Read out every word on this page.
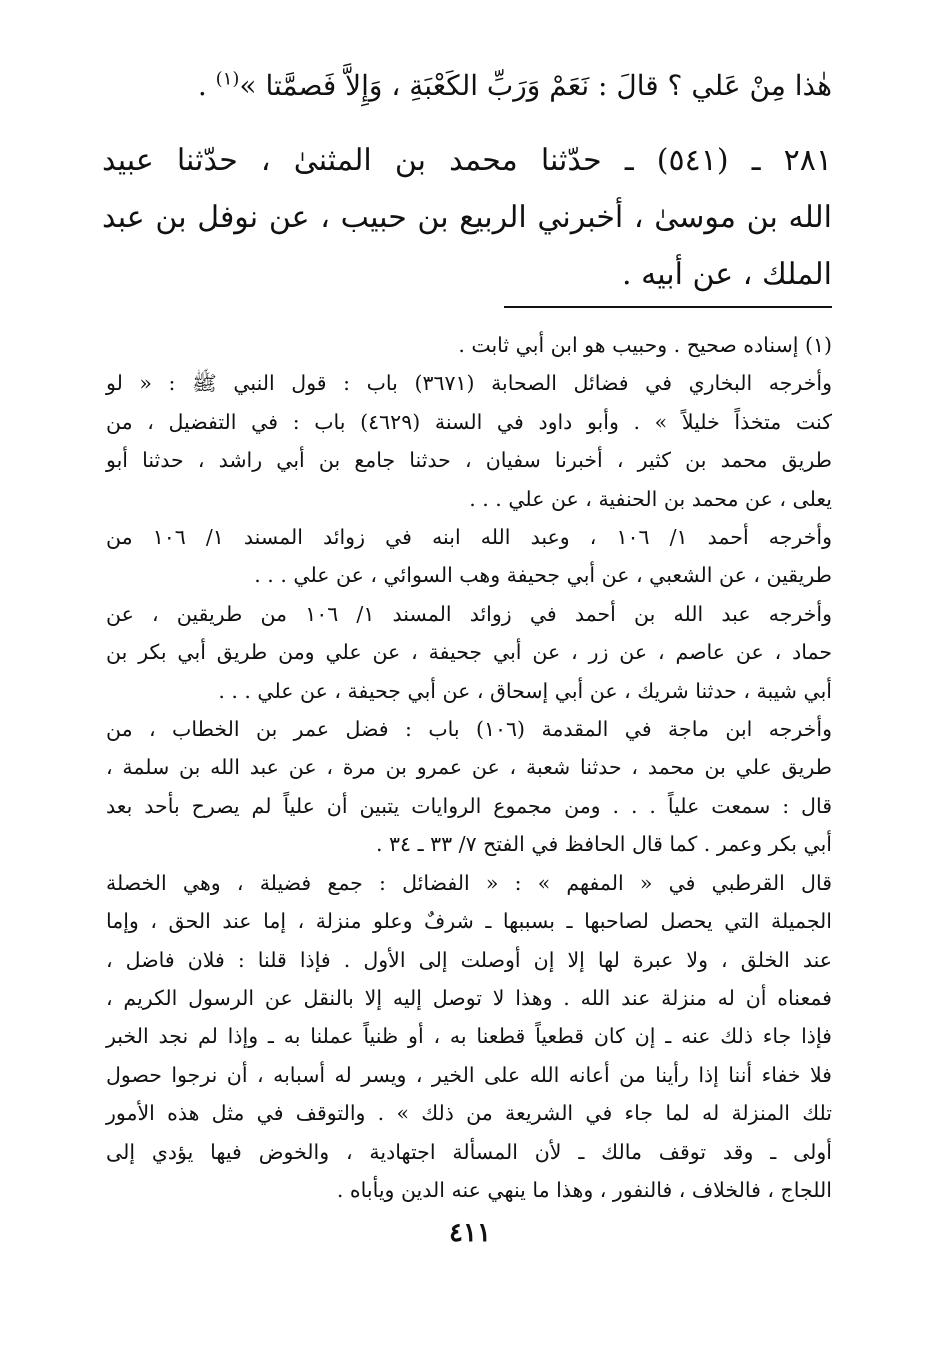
هٰذا مِنْ عَلي ؟ قالَ : نَعَمْ وَرَبِّ الكَعْبَةِ ، وَإِلاَّ فَصمَّتا »$^{(١)}$ .
٢٨١ ـ (٥٤١) ـ حدّثنا محمد بن المثنىٰ ، حدّثنا عبيد
الله بن موسىٰ ، أخبرني الربيع بن حبيب ، عن نوفل بن عبد
الملك ، عن أبيه .
(١) إسناده صحيح . وحبيب هو ابن أبي ثابت .
وأخرجه البخاري في فضائل الصحابة (٣٦٧١) باب : قول النبي ﷺ : « لو
كنت متخذاً خليلاً » . وأبو داود في السنة (٤٦٢٩) باب : في التفضيل ، من
طريق محمد بن كثير ، أخبرنا سفيان ، حدثنا جامع بن أبي راشد ، حدثنا أبو
يعلى ، عن محمد بن الحنفية ، عن علي . . .
وأخرجه أحمد ١/ ١٠٦ ، وعبد الله ابنه في زوائد المسند ١/ ١٠٦ من
طريقين ، عن الشعبي ، عن أبي جحيفة وهب السوائي ، عن علي . . .
وأخرجه عبد الله بن أحمد في زوائد المسند ١/ ١٠٦ من طريقين ، عن
حماد ، عن عاصم ، عن زر ، عن أبي جحيفة ، عن علي ومن طريق أبي بكر بن
أبي شيبة ، حدثنا شريك ، عن أبي إسحاق ، عن أبي جحيفة ، عن علي . . .
وأخرجه ابن ماجة في المقدمة (١٠٦) باب : فضل عمر بن الخطاب ، من
طريق علي بن محمد ، حدثنا شعبة ، عن عمرو بن مرة ، عن عبد الله بن سلمة ،
قال : سمعت علياً . . . ومن مجموع الروايات يتبين أن علياً لم يصرح بأحد بعد
أبي بكر وعمر . كما قال الحافظ في الفتح ٧/ ٣٣ ـ ٣٤ .
قال القرطبي في « المفهم » : « الفضائل : جمع فضيلة ، وهي الخصلة
الجميلة التي يحصل لصاحبها ـ بسببها ـ شرفٌ وعلو منزلة ، إما عند الحق ، وإما
عند الخلق ، ولا عبرة لها إلا إن أوصلت إلى الأول . فإذا قلنا : فلان فاضل ،
فمعناه أن له منزلة عند الله . وهذا لا توصل إليه إلا بالنقل عن الرسول الكريم ،
فإذا جاء ذلك عنه ـ إن كان قطعياً قطعنا به ، أو ظنياً عملنا به ـ وإذا لم نجد الخبر
فلا خفاء أننا إذا رأينا من أعانه الله على الخير ، ويسر له أسبابه ، أن نرجوا حصول
تلك المنزلة له لما جاء في الشريعة من ذلك » . والتوقف في مثل هذه الأمور
أولى ـ وقد توقف مالك ـ لأن المسألة اجتهادية ، والخوض فيها يؤدي إلى
اللجاج ، فالخلاف ، فالنفور ، وهذا ما ينهي عنه الدين ويأباه .
٤١١
